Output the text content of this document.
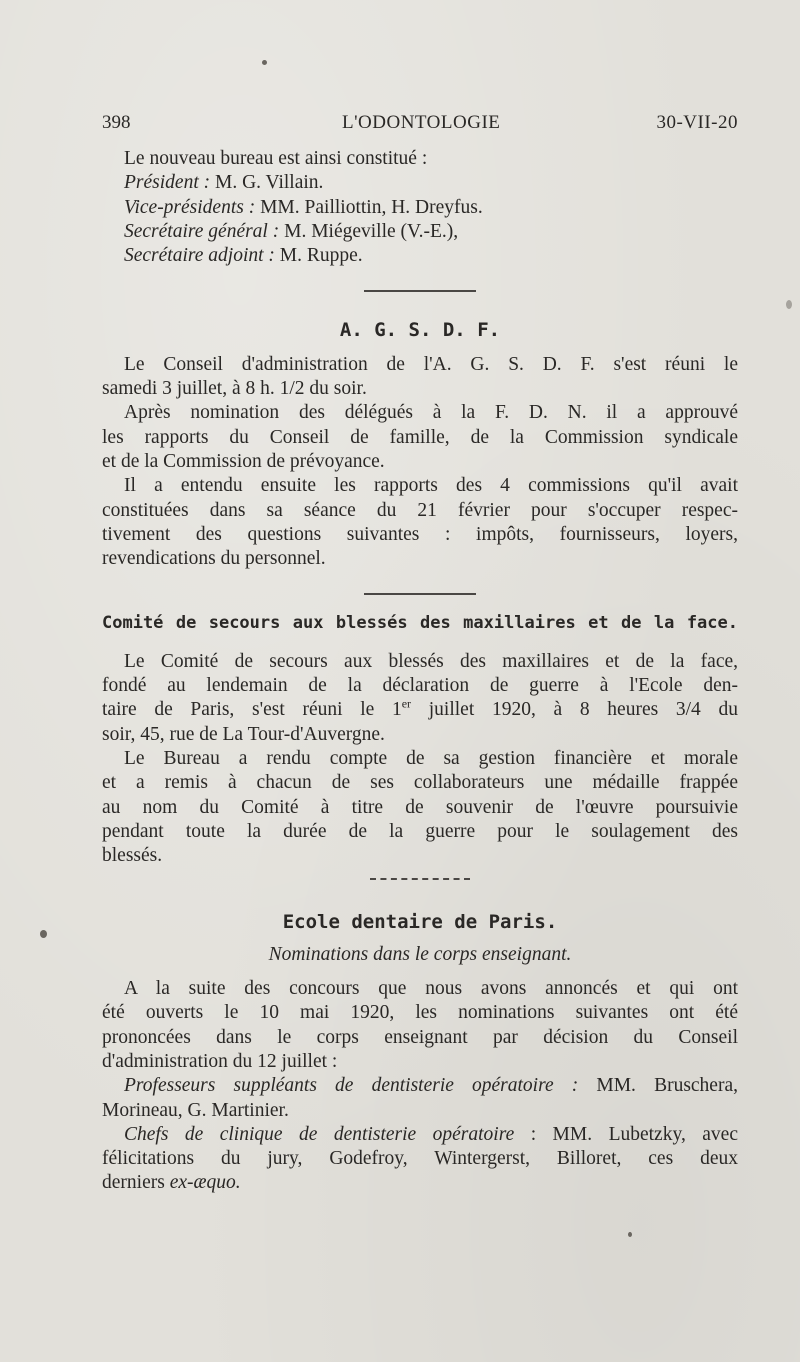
398	L'ODONTOLOGIE	30-VII-20
Le nouveau bureau est ainsi constitué :
Président : M. G. Villain.
Vice-présidents : MM. Pailliottin, H. Dreyfus.
Secrétaire général : M. Miégeville (V.-E.),
Secrétaire adjoint : M. Ruppe.
A. G. S. D. F.
Le Conseil d'administration de l'A. G. S. D. F. s'est réuni le
samedi 3 juillet, à 8 h. 1/2 du soir.
Après nomination des délégués à la F. D. N. il a approuvé
les rapports du Conseil de famille, de la Commission syndicale
et de la Commission de prévoyance.
Il a entendu ensuite les rapports des 4 commissions qu'il avait
constituées dans sa séance du 21 février pour s'occuper respec-
tivement des questions suivantes : impôts, fournisseurs, loyers,
revendications du personnel.
Comité de secours aux blessés des maxillaires et de la face.
Le Comité de secours aux blessés des maxillaires et de la face,
fondé au lendemain de la déclaration de guerre à l'Ecole den-
taire de Paris, s'est réuni le 1er juillet 1920, à 8 heures 3/4 du
soir, 45, rue de La Tour-d'Auvergne.
Le Bureau a rendu compte de sa gestion financière et morale
et a remis à chacun de ses collaborateurs une médaille frappée
au nom du Comité à titre de souvenir de l'œuvre poursuivie
pendant toute la durée de la guerre pour le soulagement des
blessés.
Ecole dentaire de Paris.
Nominations dans le corps enseignant.
A la suite des concours que nous avons annoncés et qui ont
été ouverts le 10 mai 1920, les nominations suivantes ont été
prononcées dans le corps enseignant par décision du Conseil
d'administration du 12 juillet :
Professeurs suppléants de dentisterie opératoire : MM. Bruschera,
Morineau, G. Martinier.
Chefs de clinique de dentisterie opératoire : MM. Lubetzky, avec
félicitations du jury, Godefroy, Wintergerst, Billoret, ces deux
derniers ex-æquo.
